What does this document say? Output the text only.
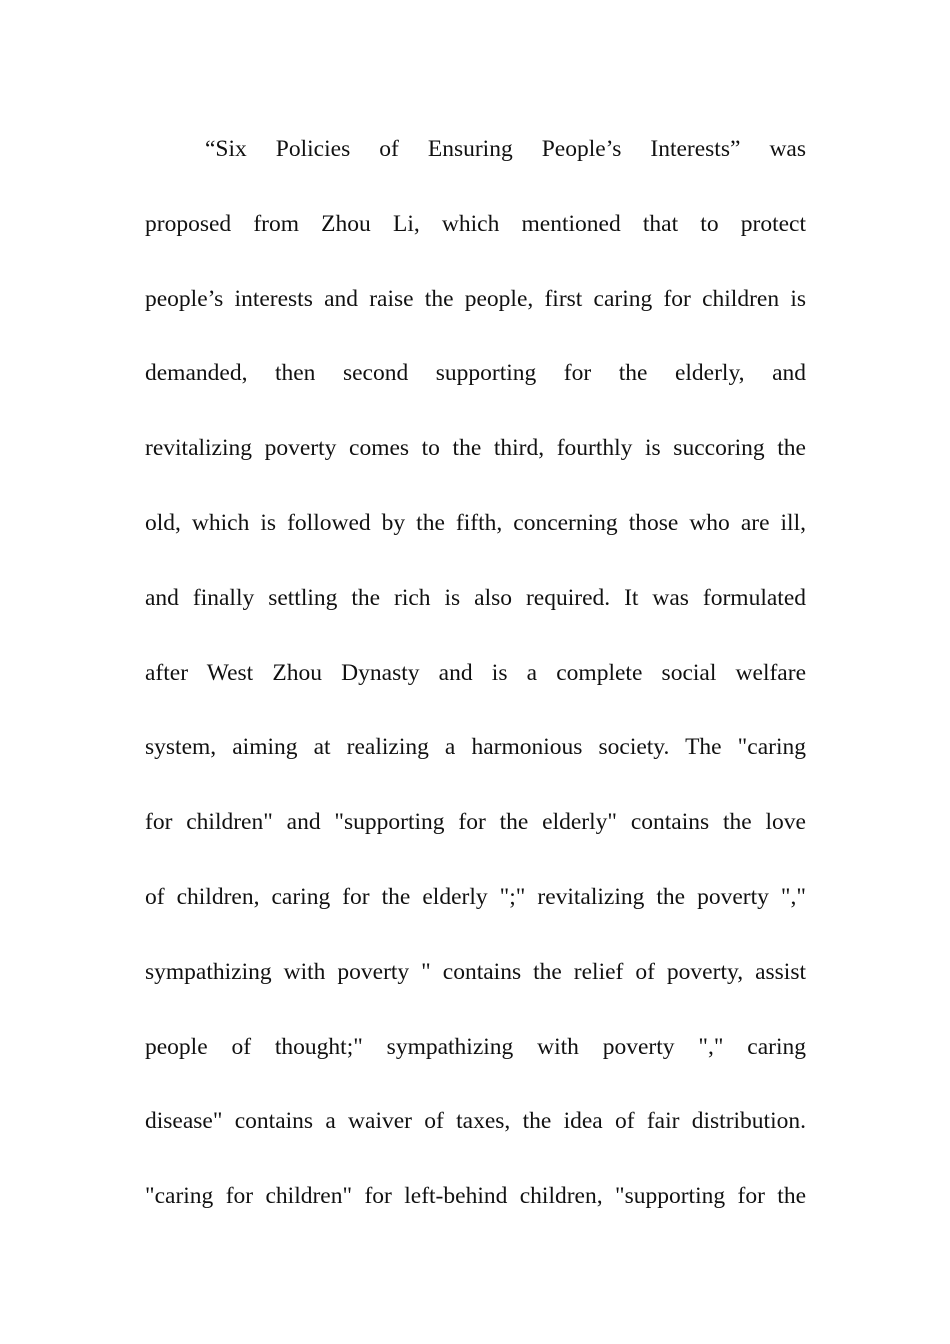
“Six Policies of Ensuring People’s Interests” was
proposed from Zhou Li, which mentioned that to protect
people’s interests and raise the people, first caring for children is
demanded, then second supporting for the elderly, and
revitalizing poverty comes to the third, fourthly is succoring the
old, which is followed by the fifth, concerning those who are ill,
and finally settling the rich is also required. It was formulated
after West Zhou Dynasty and is a complete social welfare
system, aiming at realizing a harmonious society. The "caring
for children" and "supporting for the elderly" contains the love
of children, caring for the elderly ";" revitalizing the poverty ","
sympathizing with poverty " contains the relief of poverty, assist
people of thought;" sympathizing with poverty "," caring
disease" contains a waiver of taxes, the idea of fair distribution.
"caring for children" for left-behind children, "supporting for the
